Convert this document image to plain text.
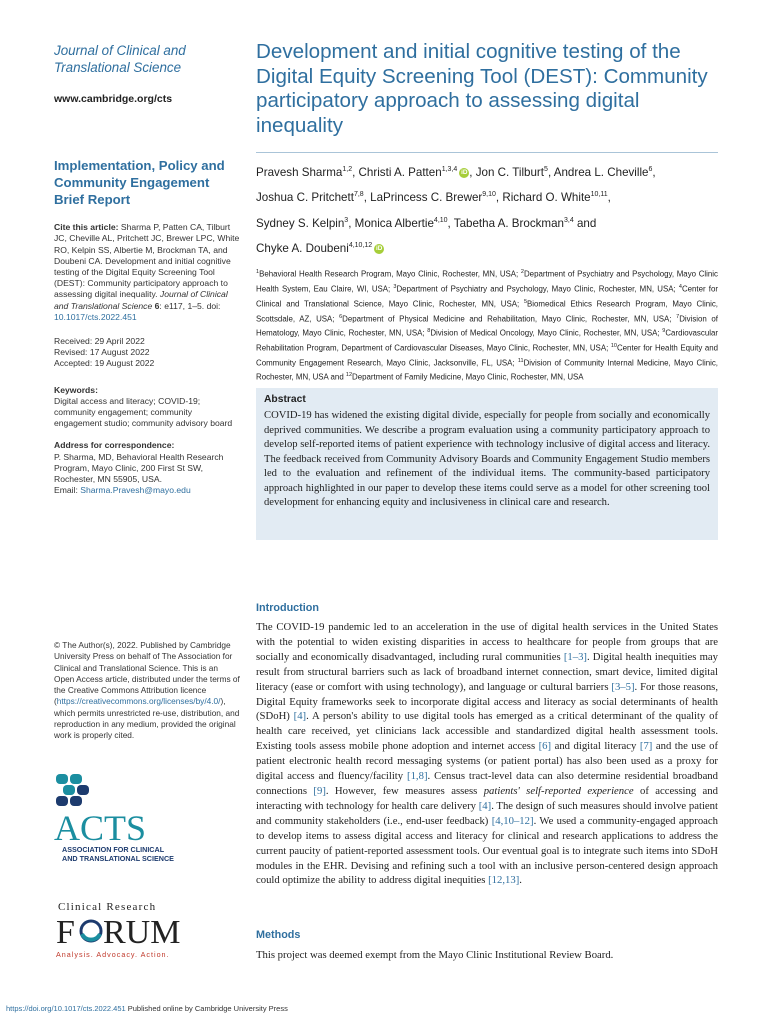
Journal of Clinical and Translational Science
www.cambridge.org/cts
Implementation, Policy and Community Engagement Brief Report
Cite this article: Sharma P, Patten CA, Tilburt JC, Cheville AL, Pritchett JC, Brewer LPC, White RO, Kelpin SS, Albertie M, Brockman TA, and Doubeni CA. Development and initial cognitive testing of the Digital Equity Screening Tool (DEST): Community participatory approach to assessing digital inequality. Journal of Clinical and Translational Science 6: e117, 1–5. doi: 10.1017/cts.2022.451
Received: 29 April 2022
Revised: 17 August 2022
Accepted: 19 August 2022
Keywords:
Digital access and literacy; COVID-19; community engagement; community engagement studio; community advisory board
Address for correspondence:
P. Sharma, MD, Behavioral Health Research Program, Mayo Clinic, 200 First St SW, Rochester, MN 55905, USA.
Email: Sharma.Pravesh@mayo.edu
© The Author(s), 2022. Published by Cambridge University Press on behalf of The Association for Clinical and Translational Science. This is an Open Access article, distributed under the terms of the Creative Commons Attribution licence (https://creativecommons.org/licenses/by/4.0/), which permits unrestricted re-use, distribution, and reproduction in any medium, provided the original work is properly cited.
ACTS
ASSOCIATION FOR CLINICAL
AND TRANSLATIONAL SCIENCE
Clinical Research
F RUM
Analysis. Advocacy. Action.
Development and initial cognitive testing of the Digital Equity Screening Tool (DEST): Community participatory approach to assessing digital inequality
Pravesh Sharma$^{1,2}$, Christi A. Patten$^{1,3,4}$ iD , Jon C. Tilburt$^5$, Andrea L. Cheville$^6$,
Joshua C. Pritchett$^{7,8}$, LaPrincess C. Brewer$^{9,10}$, Richard O. White$^{10,11}$,
Sydney S. Kelpin$^3$, Monica Albertie$^{4,10}$, Tabetha A. Brockman$^{3,4}$ and
Chyke A. Doubeni$^{4,10,12}$ iD
$^1$Behavioral Health Research Program, Mayo Clinic, Rochester, MN, USA; $^2$Department of Psychiatry and Psychology, Mayo Clinic Health System, Eau Claire, WI, USA; $^3$Department of Psychiatry and Psychology, Mayo Clinic, Rochester, MN, USA; $^4$Center for Clinical and Translational Science, Mayo Clinic, Rochester, MN, USA; $^5$Biomedical Ethics Research Program, Mayo Clinic, Scottsdale, AZ, USA; $^6$Department of Physical Medicine and Rehabilitation, Mayo Clinic, Rochester, MN, USA; $^7$Division of Hematology, Mayo Clinic, Rochester, MN, USA; $^8$Division of Medical Oncology, Mayo Clinic, Rochester, MN, USA; $^9$Cardiovascular Rehabilitation Program, Department of Cardiovascular Diseases, Mayo Clinic, Rochester, MN, USA; $^{10}$Center for Health Equity and Community Engagement Research, Mayo Clinic, Jacksonville, FL, USA; $^{11}$Division of Community Internal Medicine, Mayo Clinic, Rochester, MN, USA and $^{12}$Department of Family Medicine, Mayo Clinic, Rochester, MN, USA
Abstract
COVID-19 has widened the existing digital divide, especially for people from socially and economically deprived communities. We describe a program evaluation using a community participatory approach to develop self-reported items of patient experience with technology inclusive of digital access and literacy. The feedback received from Community Advisory Boards and Community Engagement Studio members led to the evaluation and refinement of the individual items. The community-based participatory approach highlighted in our paper to develop these items could serve as a model for other screening tool development for enhancing equity and inclusiveness in clinical care and research.
Introduction
The COVID-19 pandemic led to an acceleration in the use of digital health services in the United States with the potential to widen existing disparities in access to healthcare for people from groups that are socially and economically disadvantaged, including rural communities [1–3]. Digital health inequities may result from structural barriers such as lack of broadband internet connection, smart device, limited digital literacy (ease or comfort with using technology), and language or cultural barriers [3–5]. For those reasons, Digital Equity frameworks seek to incorporate digital access and literacy as social determinants of health (SDoH) [4]. A person's ability to use digital tools has emerged as a critical determinant of the quality of health care received, yet clinicians lack accessible and standardized digital health assessment tools. Existing tools assess mobile phone adoption and internet access [6] and digital literacy [7] and the use of patient electronic health record messaging systems (or patient portal) has also been used as a proxy for digital access and fluency/facility [1,8]. Census tract-level data can also determine residential broadband connections [9]. However, few measures assess patients' self-reported experience of accessing and interacting with technology for health care delivery [4]. The design of such measures should involve patient and community stakeholders (i.e., end-user feedback) [4,10–12]. We used a community-engaged approach to develop items to assess digital access and literacy for clinical and research applications to address the current paucity of patient-reported assessment tools. Our eventual goal is to integrate such items into SDoH modules in the EHR. Devising and refining such a tool with an inclusive person-centered design approach could optimize the ability to address digital inequities [12,13].
Methods
This project was deemed exempt from the Mayo Clinic Institutional Review Board.
https://doi.org/10.1017/cts.2022.451 Published online by Cambridge University Press
